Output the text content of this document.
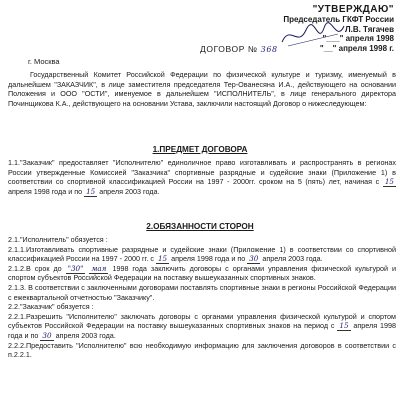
"УТВЕРЖДАЮ"
Председатель ГКФТ России
Л.В. Тягачев
"___" апреля 1998
"__" апреля 1998 г.
г. Москва
ДОГОВОР № 368

Государственный Комитет Российской Федерации по физической культуре и туризму, именуемый в дальнейшем "ЗАКАЗЧИК", в лице заместителя председателя Тер-Ованесяна И.А., действующего на основании Положения и ООО "ОСТИ", именуемое в дальнейшем "ИСПОЛНИТЕЛЬ", в лице генерального директора Починщикова К.А., действующего на основании Устава, заключили настоящий Договор о нижеследующем:

1.ПРЕДМЕТ ДОГОВОРА

1.1."Заказчик" предоставляет "Исполнителю" единоличное право изготавливать и распространять в регионах России утвержденные Комиссией "Заказчика" спортивные разрядные и судейские знаки (Приложение 1) в соответствии со спортивной классификацией России на 1997 - 2000гг. сроком на 5 (пять) лет, начиная с 15 апреля 1998 года и по 15 апреля 2003 года.

2.ОБЯЗАННОСТИ СТОРОН

2.1."Исполнитель" обязуется :

2.1.1.Изготавливать спортивные разрядные и судейские знаки (Приложение 1) в соответствии со спортивной классификацией России на 1997 - 2000 гг. с 15 апреля 1998 года и по 30 апреля 2003 года.

2.1.2.В срок до "30" мая 1998 года заключить договоры с органами управления физической культурой и спортом субъектов Российской Федерации на поставку вышеуказанных спортивных знаков.

2.1.3. В соответствии с заключенными договорами поставлять спортивные знаки в регионы Российской Федерации с ежеквартальной отчетностью "Заказчику".

2.2."Заказчик" обязуется :

2.2.1.Разрешить "Исполнителю" заключать договоры с органами управления физической культурой и спортом субъектов Российской Федерации на поставку вышеуказанных спортивных знаков на период с 15 апреля 1998 года и по 30 апреля 2003 года.

2.2.2.Предоставить "Исполнителю" всю необходимую информацию для заключения договоров в соответствии с п.2.2.1.
